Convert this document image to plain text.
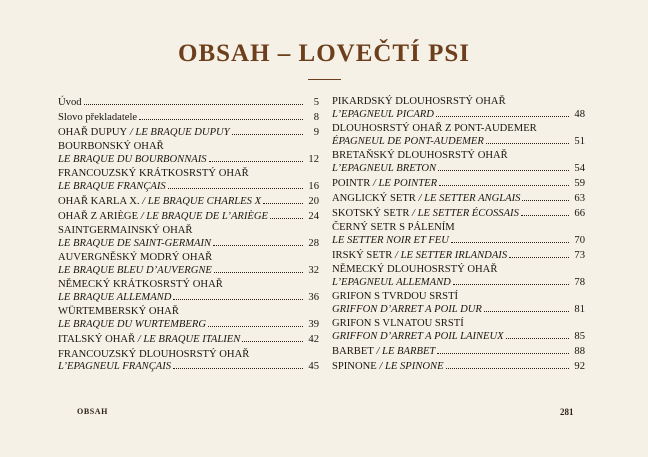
OBSAH – LOVEČTÍ PSI
Úvod	5
Slovo překladatele	8
OHAŘ DUPUY / LE BRAQUE DUPUY	9
BOURBONSKÝ OHAŘ
LE BRAQUE DU BOURBONNAIS	12
FRANCOUZSKÝ KRÁTKOSRSTÝ OHAŘ
LE BRAQUE FRANÇAIS	16
OHAŘ KARLA X. / LE BRAQUE CHARLES X	20
OHAŘ Z ARIÈGE / LE BRAQUE DE L’ARIÈGE	24
SAINTGERMAINSKÝ OHAŘ
LE BRAQUE DE SAINT-GERMAIN	28
AUVERGNĚSKÝ MODRÝ OHAŘ
LE BRAQUE BLEU D’AUVERGNE	32
NĚMECKÝ KRÁTKOSRSTÝ OHAŘ
LE BRAQUE ALLEMAND	36
WÜRTEMBERSKÝ OHAŘ
LE BRAQUE DU WURTEMBERG	39
ITALSKÝ OHAŘ / LE BRAQUE ITALIEN	42
FRANCOUZSKÝ DLOUHOSRSTÝ OHAŘ
L’EPAGNEUL FRANÇAIS	45
PIKARDSKÝ DLOUHOSRSTÝ OHAŘ
L’EPAGNEUL PICARD	48
DLOUHOSRSTÝ OHAŘ Z PONT-AUDEMER
ÉPAGNEUL DE PONT-AUDEMER	51
BRETAŇSKÝ DLOUHOSRSTÝ OHAŘ
L’EPAGNEUL BRETON	54
POINTR / LE POINTER	59
ANGLICKÝ SETR / LE SETTER ANGLAIS	63
SKOTSKÝ SETR / LE SETTER ÉCOSSAIS	66
ČERNÝ SETR S PÁLENÍM
LE SETTER NOIR ET FEU	70
IRSKÝ SETR / LE SETTER IRLANDAIS	73
NĚMECKÝ DLOUHOSRSTÝ OHAŘ
L’EPAGNEUL ALLEMAND	78
GRIFON S TVRDOU SRSTÍ
GRIFFON D’ARRET A POIL DUR	81
GRIFON S VLNATOU SRSTÍ
GRIFFON D’ARRET A POIL LAINEUX	85
BARBET / LE BARBET	88
SPINONE / LE SPINONE	92
OBSAH	281
